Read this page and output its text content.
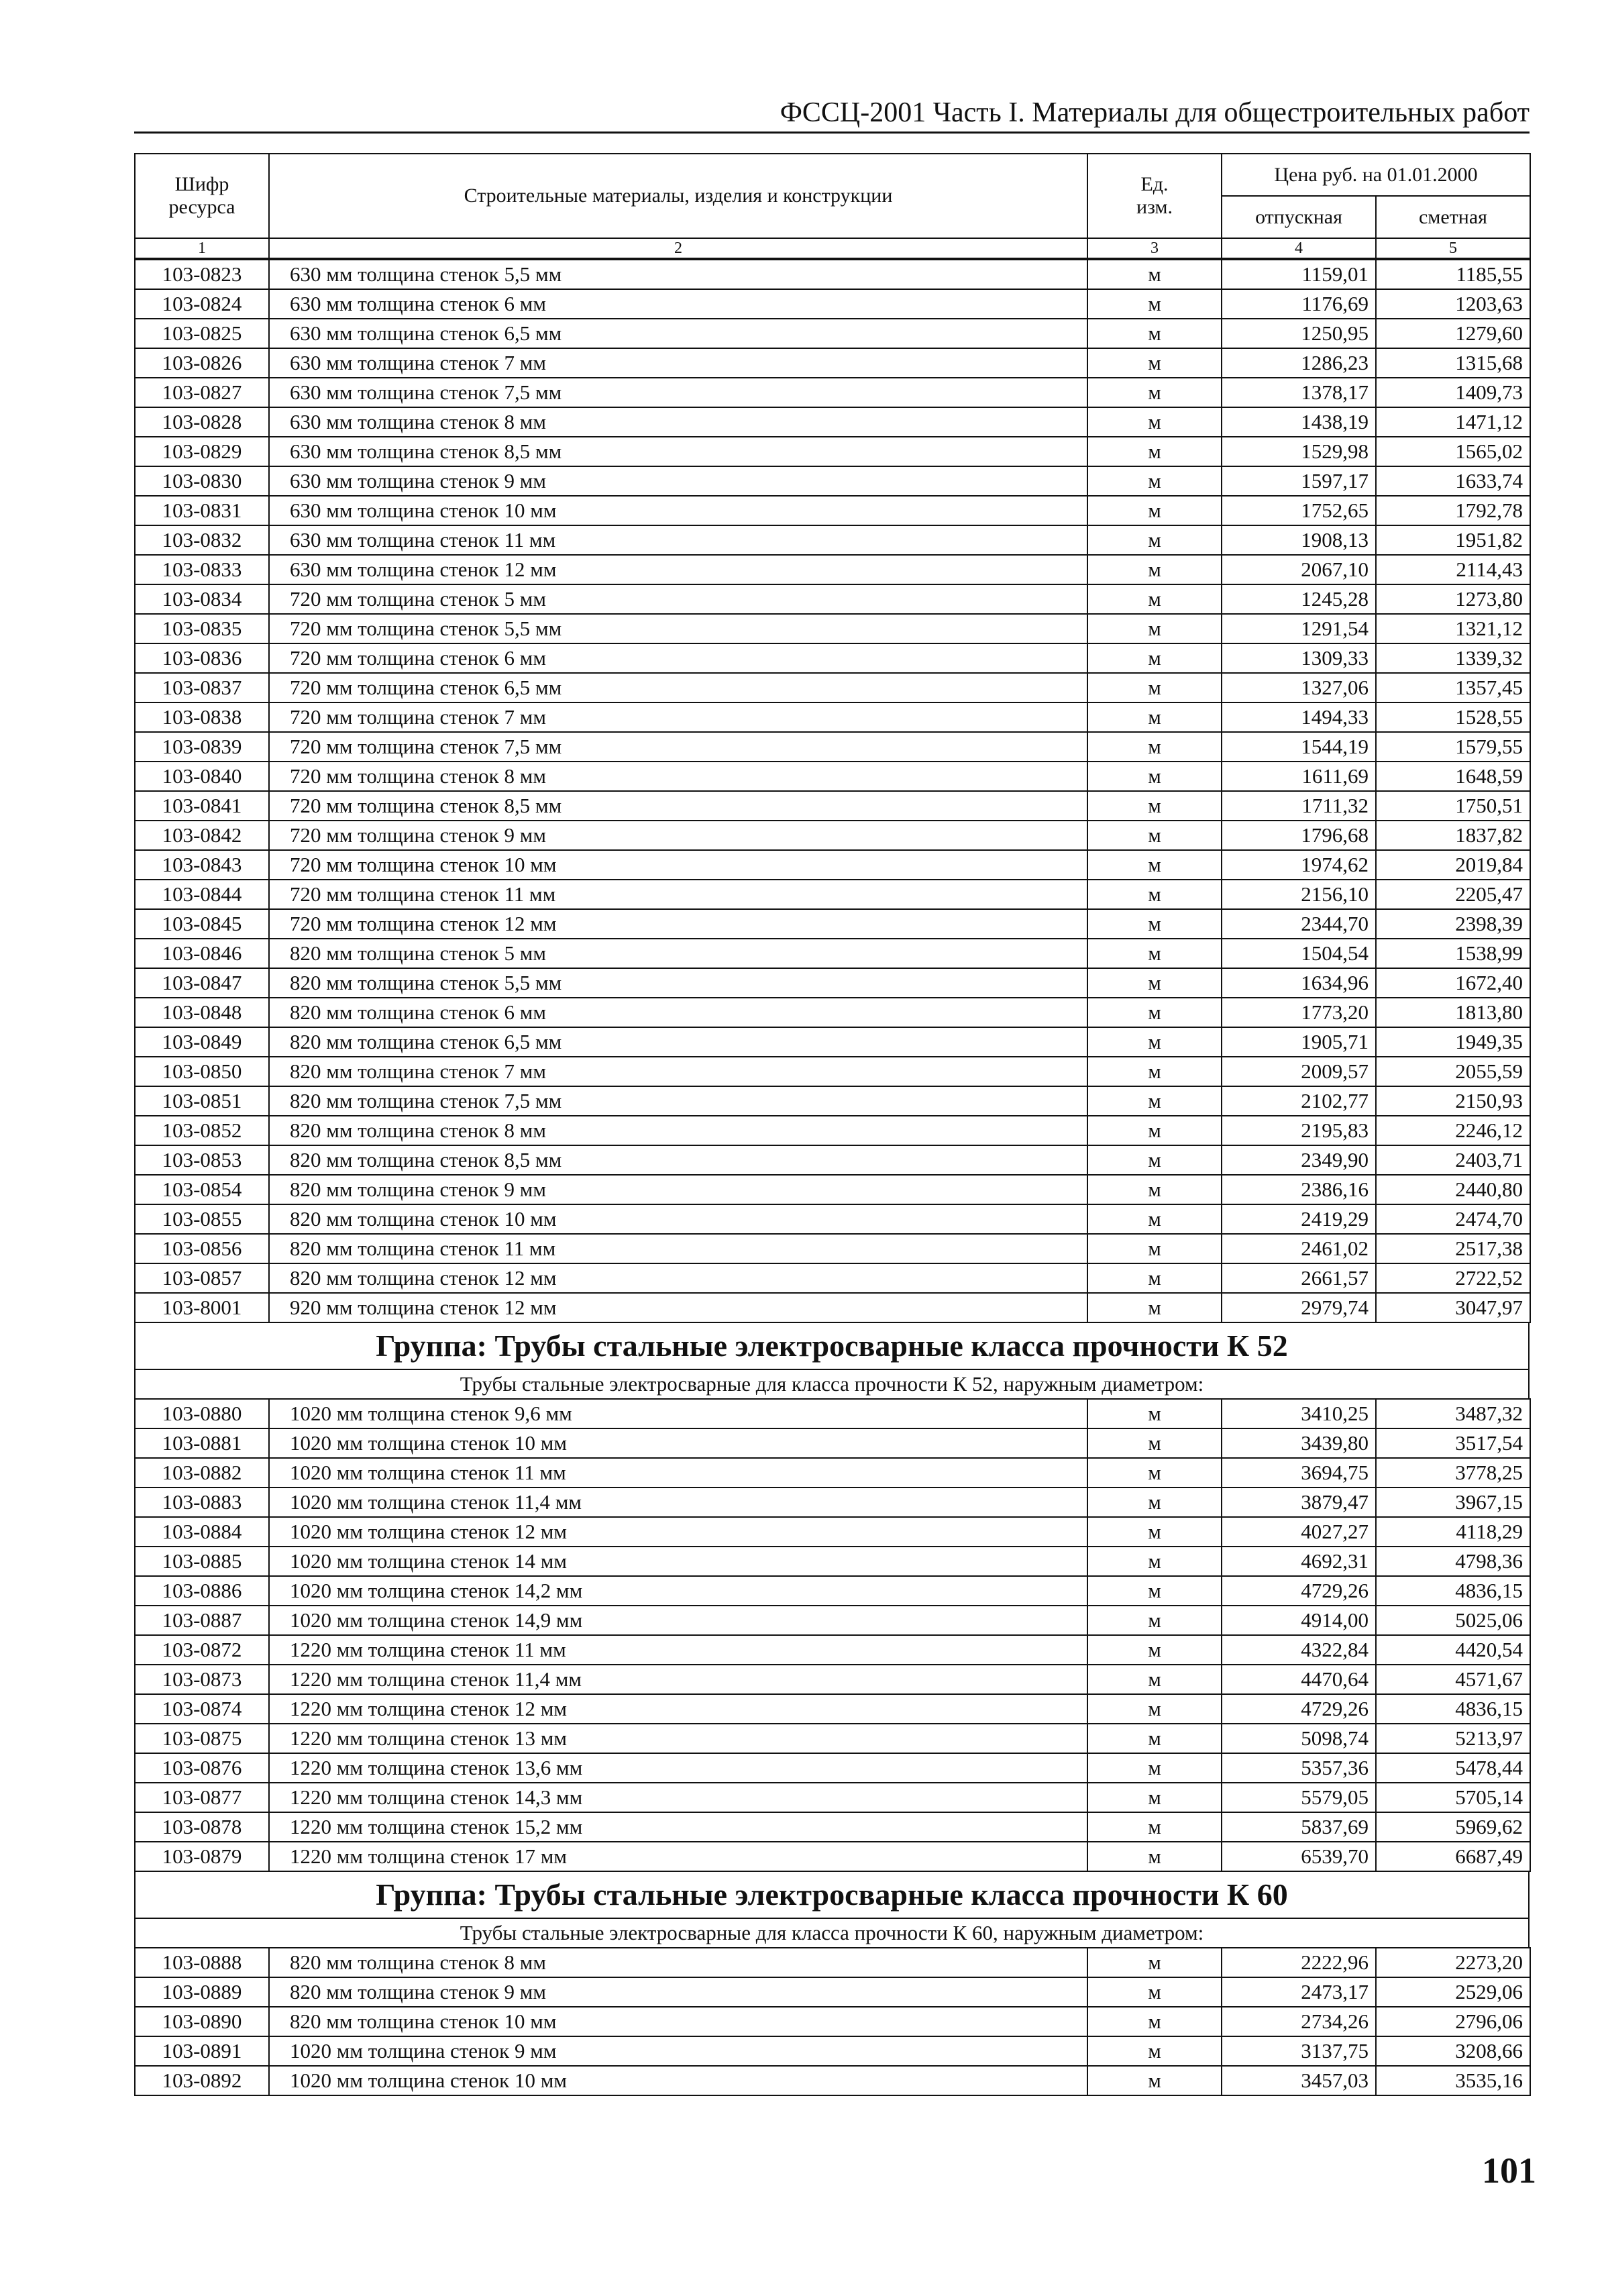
ФССЦ-2001 Часть I. Материалы для общестроительных работ
Шифр ресурса	Строительные материалы, изделия и конструкции	Ед. изм.	Цена руб. на 01.01.2000	
			отпускная	сметная
1	2	3	4	5
103-0823	630 мм толщина стенок 5,5 мм	м	1159,01	1185,55
103-0824	630 мм толщина стенок 6 мм	м	1176,69	1203,63
103-0825	630 мм толщина стенок 6,5 мм	м	1250,95	1279,60
103-0826	630 мм толщина стенок 7 мм	м	1286,23	1315,68
103-0827	630 мм толщина стенок 7,5 мм	м	1378,17	1409,73
103-0828	630 мм толщина стенок 8 мм	м	1438,19	1471,12
103-0829	630 мм толщина стенок 8,5 мм	м	1529,98	1565,02
103-0830	630 мм толщина стенок 9 мм	м	1597,17	1633,74
103-0831	630 мм толщина стенок 10 мм	м	1752,65	1792,78
103-0832	630 мм толщина стенок 11 мм	м	1908,13	1951,82
103-0833	630 мм толщина стенок 12 мм	м	2067,10	2114,43
103-0834	720 мм толщина стенок 5 мм	м	1245,28	1273,80
103-0835	720 мм толщина стенок 5,5 мм	м	1291,54	1321,12
103-0836	720 мм толщина стенок 6 мм	м	1309,33	1339,32
103-0837	720 мм толщина стенок 6,5 мм	м	1327,06	1357,45
103-0838	720 мм толщина стенок 7 мм	м	1494,33	1528,55
103-0839	720 мм толщина стенок 7,5 мм	м	1544,19	1579,55
103-0840	720 мм толщина стенок 8 мм	м	1611,69	1648,59
103-0841	720 мм толщина стенок 8,5 мм	м	1711,32	1750,51
103-0842	720 мм толщина стенок 9 мм	м	1796,68	1837,82
103-0843	720 мм толщина стенок 10 мм	м	1974,62	2019,84
103-0844	720 мм толщина стенок 11 мм	м	2156,10	2205,47
103-0845	720 мм толщина стенок 12 мм	м	2344,70	2398,39
103-0846	820 мм толщина стенок 5 мм	м	1504,54	1538,99
103-0847	820 мм толщина стенок 5,5 мм	м	1634,96	1672,40
103-0848	820 мм толщина стенок 6 мм	м	1773,20	1813,80
103-0849	820 мм толщина стенок 6,5 мм	м	1905,71	1949,35
103-0850	820 мм толщина стенок 7 мм	м	2009,57	2055,59
103-0851	820 мм толщина стенок 7,5 мм	м	2102,77	2150,93
103-0852	820 мм толщина стенок 8 мм	м	2195,83	2246,12
103-0853	820 мм толщина стенок 8,5 мм	м	2349,90	2403,71
103-0854	820 мм толщина стенок 9 мм	м	2386,16	2440,80
103-0855	820 мм толщина стенок 10 мм	м	2419,29	2474,70
103-0856	820 мм толщина стенок 11 мм	м	2461,02	2517,38
103-0857	820 мм толщина стенок 12 мм	м	2661,57	2722,52
103-8001	920 мм толщина стенок 12 мм	м	2979,74	3047,97
Группа: Трубы стальные электросварные класса прочности К 52
Трубы стальные электросварные для класса прочности К 52, наружным диаметром:
103-0880	1020 мм толщина стенок 9,6 мм	м	3410,25	3487,32
103-0881	1020 мм толщина стенок 10 мм	м	3439,80	3517,54
103-0882	1020 мм толщина стенок 11 мм	м	3694,75	3778,25
103-0883	1020 мм толщина стенок 11,4 мм	м	3879,47	3967,15
103-0884	1020 мм толщина стенок 12 мм	м	4027,27	4118,29
103-0885	1020 мм толщина стенок 14 мм	м	4692,31	4798,36
103-0886	1020 мм толщина стенок 14,2 мм	м	4729,26	4836,15
103-0887	1020 мм толщина стенок 14,9 мм	м	4914,00	5025,06
103-0872	1220 мм толщина стенок 11 мм	м	4322,84	4420,54
103-0873	1220 мм толщина стенок 11,4 мм	м	4470,64	4571,67
103-0874	1220 мм толщина стенок 12 мм	м	4729,26	4836,15
103-0875	1220 мм толщина стенок 13 мм	м	5098,74	5213,97
103-0876	1220 мм толщина стенок 13,6 мм	м	5357,36	5478,44
103-0877	1220 мм толщина стенок 14,3 мм	м	5579,05	5705,14
103-0878	1220 мм толщина стенок 15,2 мм	м	5837,69	5969,62
103-0879	1220 мм толщина стенок 17 мм	м	6539,70	6687,49
Группа: Трубы стальные электросварные класса прочности К 60
Трубы стальные электросварные для класса прочности К 60, наружным диаметром:
103-0888	820 мм толщина стенок 8 мм	м	2222,96	2273,20
103-0889	820 мм толщина стенок 9 мм	м	2473,17	2529,06
103-0890	820 мм толщина стенок 10 мм	м	2734,26	2796,06
103-0891	1020 мм толщина стенок 9 мм	м	3137,75	3208,66
103-0892	1020 мм толщина стенок 10 мм	м	3457,03	3535,16
101
